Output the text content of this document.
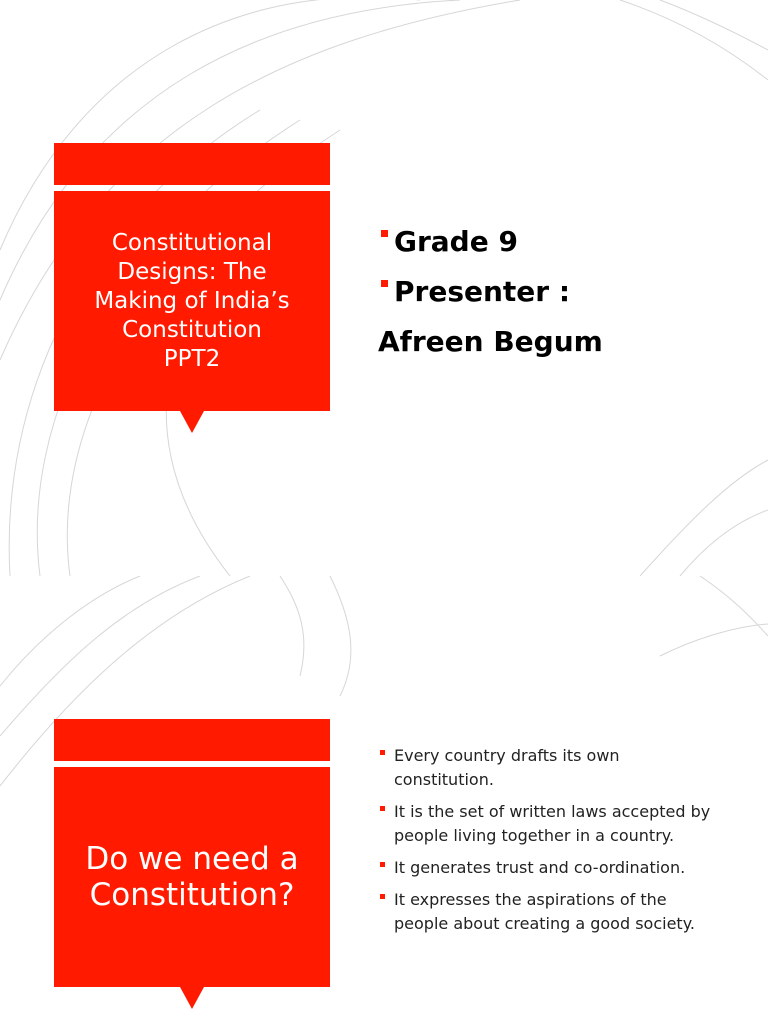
Constitutional
Designs: The
Making of India’s
Constitution
PPT2
Grade 9
Presenter :
Afreen Begum
Do we need a
Constitution?
Every country drafts its own constitution.
It is the set of written laws accepted by people living together in a country.
It generates trust and co-ordination.
It expresses the aspirations of the people about creating a good society.
